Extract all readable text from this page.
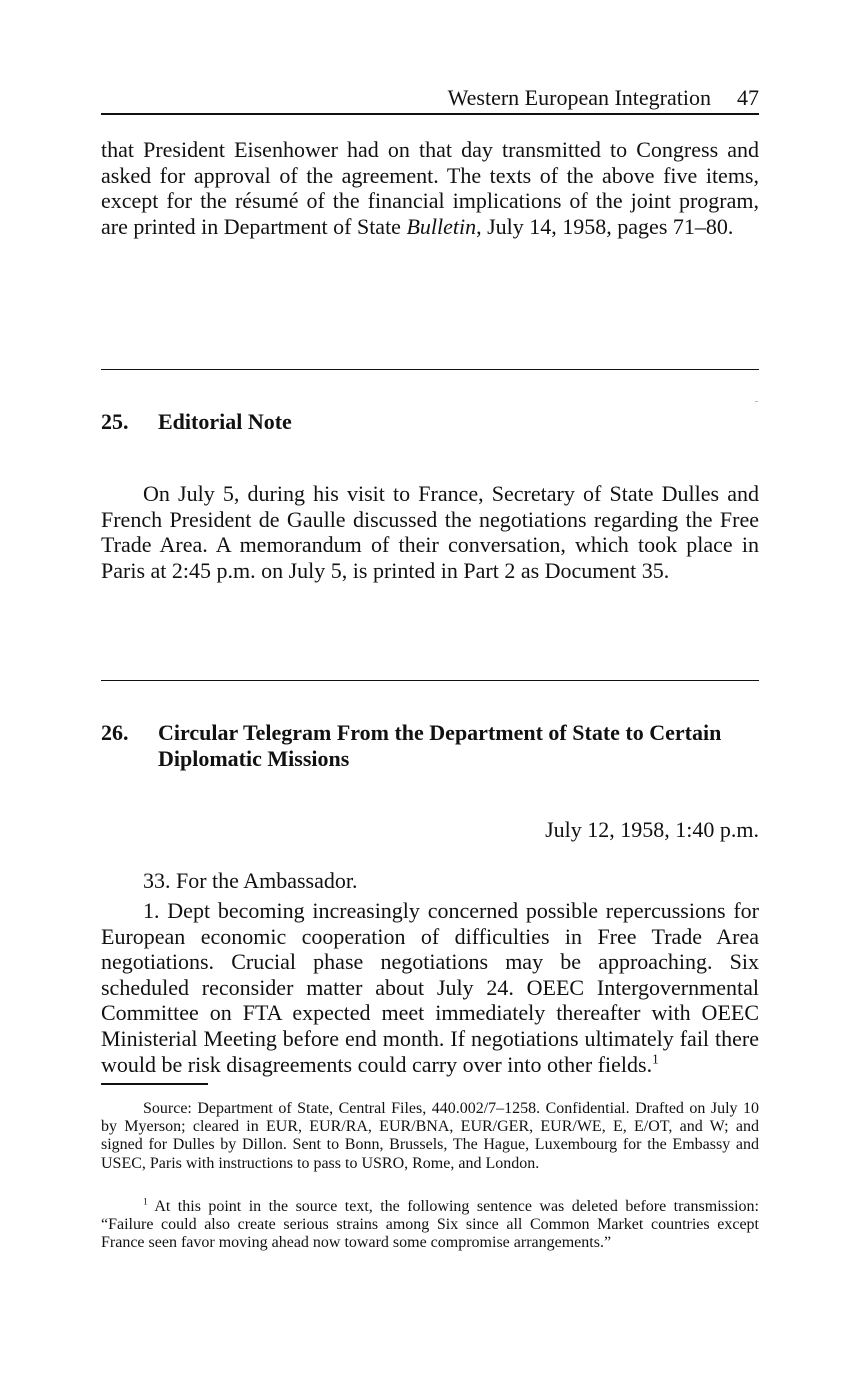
Western European Integration 47

that President Eisenhower had on that day transmitted to Congress and asked for approval of the agreement. The texts of the above five items, except for the résumé of the financial implications of the joint program, are printed in Department of State Bulletin, July 14, 1958, pages 71–80.

25. Editorial Note

On July 5, during his visit to France, Secretary of State Dulles and French President de Gaulle discussed the negotiations regarding the Free Trade Area. A memorandum of their conversation, which took place in Paris at 2:45 p.m. on July 5, is printed in Part 2 as Document 35.

26. Circular Telegram From the Department of State to Certain Diplomatic Missions
July 12, 1958, 1:40 p.m.

33. For the Ambassador.

1. Dept becoming increasingly concerned possible repercussions for European economic cooperation of difficulties in Free Trade Area negotiations. Crucial phase negotiations may be approaching. Six scheduled reconsider matter about July 24. OEEC Intergovernmental Committee on FTA expected meet immediately thereafter with OEEC Ministerial Meeting before end month. If negotiations ultimately fail there would be risk disagreements could carry over into other fields.$^1$

Source: Department of State, Central Files, 440.002/7–1258. Confidential. Drafted on July 10 by Myerson; cleared in EUR, EUR/RA, EUR/BNA, EUR/GER, EUR/WE, E, E/OT, and W; and signed for Dulles by Dillon. Sent to Bonn, Brussels, The Hague, Luxembourg for the Embassy and USEC, Paris with instructions to pass to USRO, Rome, and London.

$^1$ At this point in the source text, the following sentence was deleted before transmission: “Failure could also create serious strains among Six since all Common Market countries except France seen favor moving ahead now toward some compromise arrangements.”
